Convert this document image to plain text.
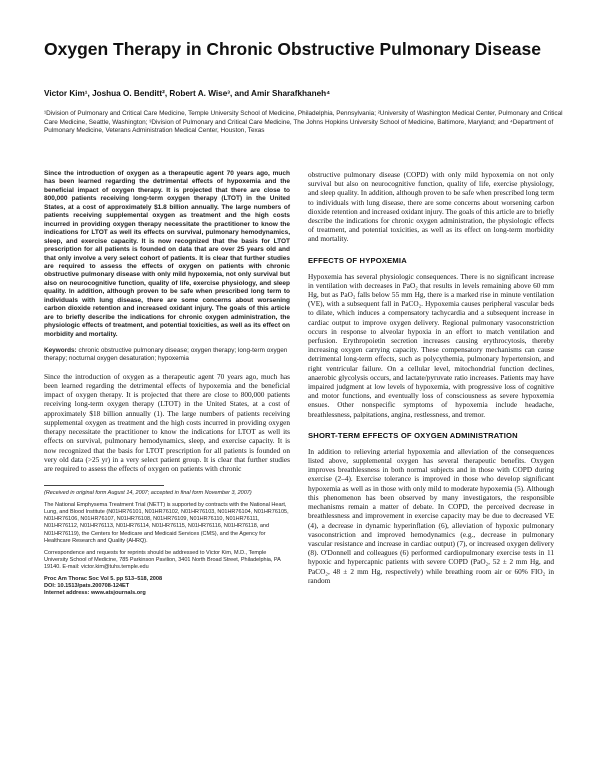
Oxygen Therapy in Chronic Obstructive Pulmonary Disease
Victor Kim¹, Joshua O. Benditt², Robert A. Wise³, and Amir Sharafkhaneh⁴
¹Division of Pulmonary and Critical Care Medicine, Temple University School of Medicine, Philadelphia, Pennsylvania; ²University of Washington Medical Center, Pulmonary and Critical Care Medicine, Seattle, Washington; ³Division of Pulmonary and Critical Care Medicine, The Johns Hopkins University School of Medicine, Baltimore, Maryland; and ⁴Department of Pulmonary Medicine, Veterans Administration Medical Center, Houston, Texas
Since the introduction of oxygen as a therapeutic agent 70 years ago, much has been learned regarding the detrimental effects of hypoxemia and the beneficial impact of oxygen therapy. It is projected that there are close to 800,000 patients receiving long-term oxygen therapy (LTOT) in the United States, at a cost of approximately $1.8 billion annually. The large numbers of patients receiving supplemental oxygen as treatment and the high costs incurred in providing oxygen therapy necessitate the practitioner to know the indications for LTOT as well its effects on survival, pulmonary hemodynamics, sleep, and exercise capacity. It is now recognized that the basis for LTOT prescription for all patients is founded on data that are over 25 years old and that only involve a very select cohort of patients. It is clear that further studies are required to assess the effects of oxygen on patients with chronic obstructive pulmonary disease with only mild hypoxemia, not only survival but also on neurocognitive function, quality of life, exercise physiology, and sleep quality. In addition, although proven to be safe when prescribed long term to individuals with lung disease, there are some concerns about worsening carbon dioxide retention and increased oxidant injury. The goals of this article are to briefly describe the indications for chronic oxygen administration, the physiologic effects of treatment, and potential toxicities, as well as its effect on morbidity and mortality.
Keywords: chronic obstructive pulmonary disease; oxygen therapy; long-term oxygen therapy; nocturnal oxygen desaturation; hypoxemia

Since the introduction of oxygen as a therapeutic agent 70 years ago, much has been learned regarding the detrimental effects of hypoxemia and the beneficial impact of oxygen therapy. It is projected that there are close to 800,000 patients receiving long-term oxygen therapy (LTOT) in the United States, at a cost of approximately $18 billion annually (1). The large numbers of patients receiving supplemental oxygen as treatment and the high costs incurred in providing oxygen therapy necessitate the practitioner to know the indications for LTOT as well its effects on survival, pulmonary hemodynamics, sleep, and exercise capacity. It is now recognized that the basis for LTOT prescription for all patients is founded on very old data (>25 yr) in a very select patient group. It is clear that further studies are required to assess the effects of oxygen on patients with chronic

(Received in original form August 14, 2007; accepted in final form November 3, 2007)

The National Emphysema Treatment Trial (NETT) is supported by contracts with the National Heart, Lung, and Blood Institute (N01HR76101, N01HR76102, N01HR76103, N01HR76104, N01HR76105, N01HR76106, N01HR76107, N01HR76108, N01HR76109, N01HR76110, N01HR76111, N01HR76112, N01HR76113, N01HR76114, N01HR76115, N01HR76116, N01HR76118, and N01HR76119), the Centers for Medicare and Medicaid Services (CMS), and the Agency for Healthcare Research and Quality (AHRQ).

Correspondence and requests for reprints should be addressed to Victor Kim, M.D., Temple University School of Medicine, 785 Parkinson Pavilion, 3401 North Broad Street, Philadelphia, PA 19140. E-mail: victor.kim@tuhs.temple.edu

Proc Am Thorac Soc Vol 5. pp 513–518, 2008
DOI: 10.1513/pats.200708-124ET
Internet address: www.atsjournals.org

obstructive pulmonary disease (COPD) with only mild hypoxemia on not only survival but also on neurocognitive function, quality of life, exercise physiology, and sleep quality. In addition, although proven to be safe when prescribed long term to individuals with lung disease, there are some concerns about worsening carbon dioxide retention and increased oxidant injury. The goals of this article are to briefly describe the indications for chronic oxygen administration, the physiologic effects of treatment, and potential toxicities, as well as its effect on long-term morbidity and mortality.

EFFECTS OF HYPOXEMIA

Hypoxemia has several physiologic consequences. There is no significant increase in ventilation with decreases in PaO₂ that results in levels remaining above 60 mm Hg, but as PaO₂ falls below 55 mm Hg, there is a marked rise in minute ventilation (VE), with a subsequent fall in PaCO₂. Hypoxemia causes peripheral vascular beds to dilate, which induces a compensatory tachycardia and a subsequent increase in cardiac output to improve oxygen delivery. Regional pulmonary vasoconstriction occurs in response to alveolar hypoxia in an effort to match ventilation and perfusion. Erythropoietin secretion increases causing erythrocytosis, thereby increasing oxygen carrying capacity. These compensatory mechanisms can cause detrimental long-term effects, such as polycythemia, pulmonary hypertension, and right ventricular failure. On a cellular level, mitochondrial function declines, anaerobic glycolysis occurs, and lactate/pyruvate ratio increases. Patients may have impaired judgment at low levels of hypoxemia, with progressive loss of cognitive and motor functions, and eventually loss of consciousness as severe hypoxemia ensues. Other nonspecific symptoms of hypoxemia include headache, breathlessness, palpitations, angina, restlessness, and tremor.

SHORT-TERM EFFECTS OF OXYGEN ADMINISTRATION

In addition to relieving arterial hypoxemia and alleviation of the consequences listed above, supplemental oxygen has several therapeutic benefits. Oxygen improves breathlessness in both normal subjects and in those with COPD during exercise (2–4). Exercise tolerance is improved in those who develop significant hypoxemia as well as in those with only mild to moderate hypoxemia (5). Although this phenomenon has been observed by many investigators, the responsible mechanisms remain a matter of debate. In COPD, the perceived decrease in breathlessness and improvement in exercise capacity may be due to decreased VE (4), a decrease in dynamic hyperinflation (6), alleviation of hypoxic pulmonary vasoconstriction and improved hemodynamics (e.g., decrease in pulmonary vascular resistance and increase in cardiac output) (7), or increased oxygen delivery (8). O'Donnell and colleagues (6) performed cardiopulmonary exercise tests in 11 hypoxic and hypercapnic patients with severe COPD (PaO₂, 52 ± 2 mm Hg, and PaCO₂, 48 ± 2 mm Hg, respectively) while breathing room air or 60% FIO₂ in random
